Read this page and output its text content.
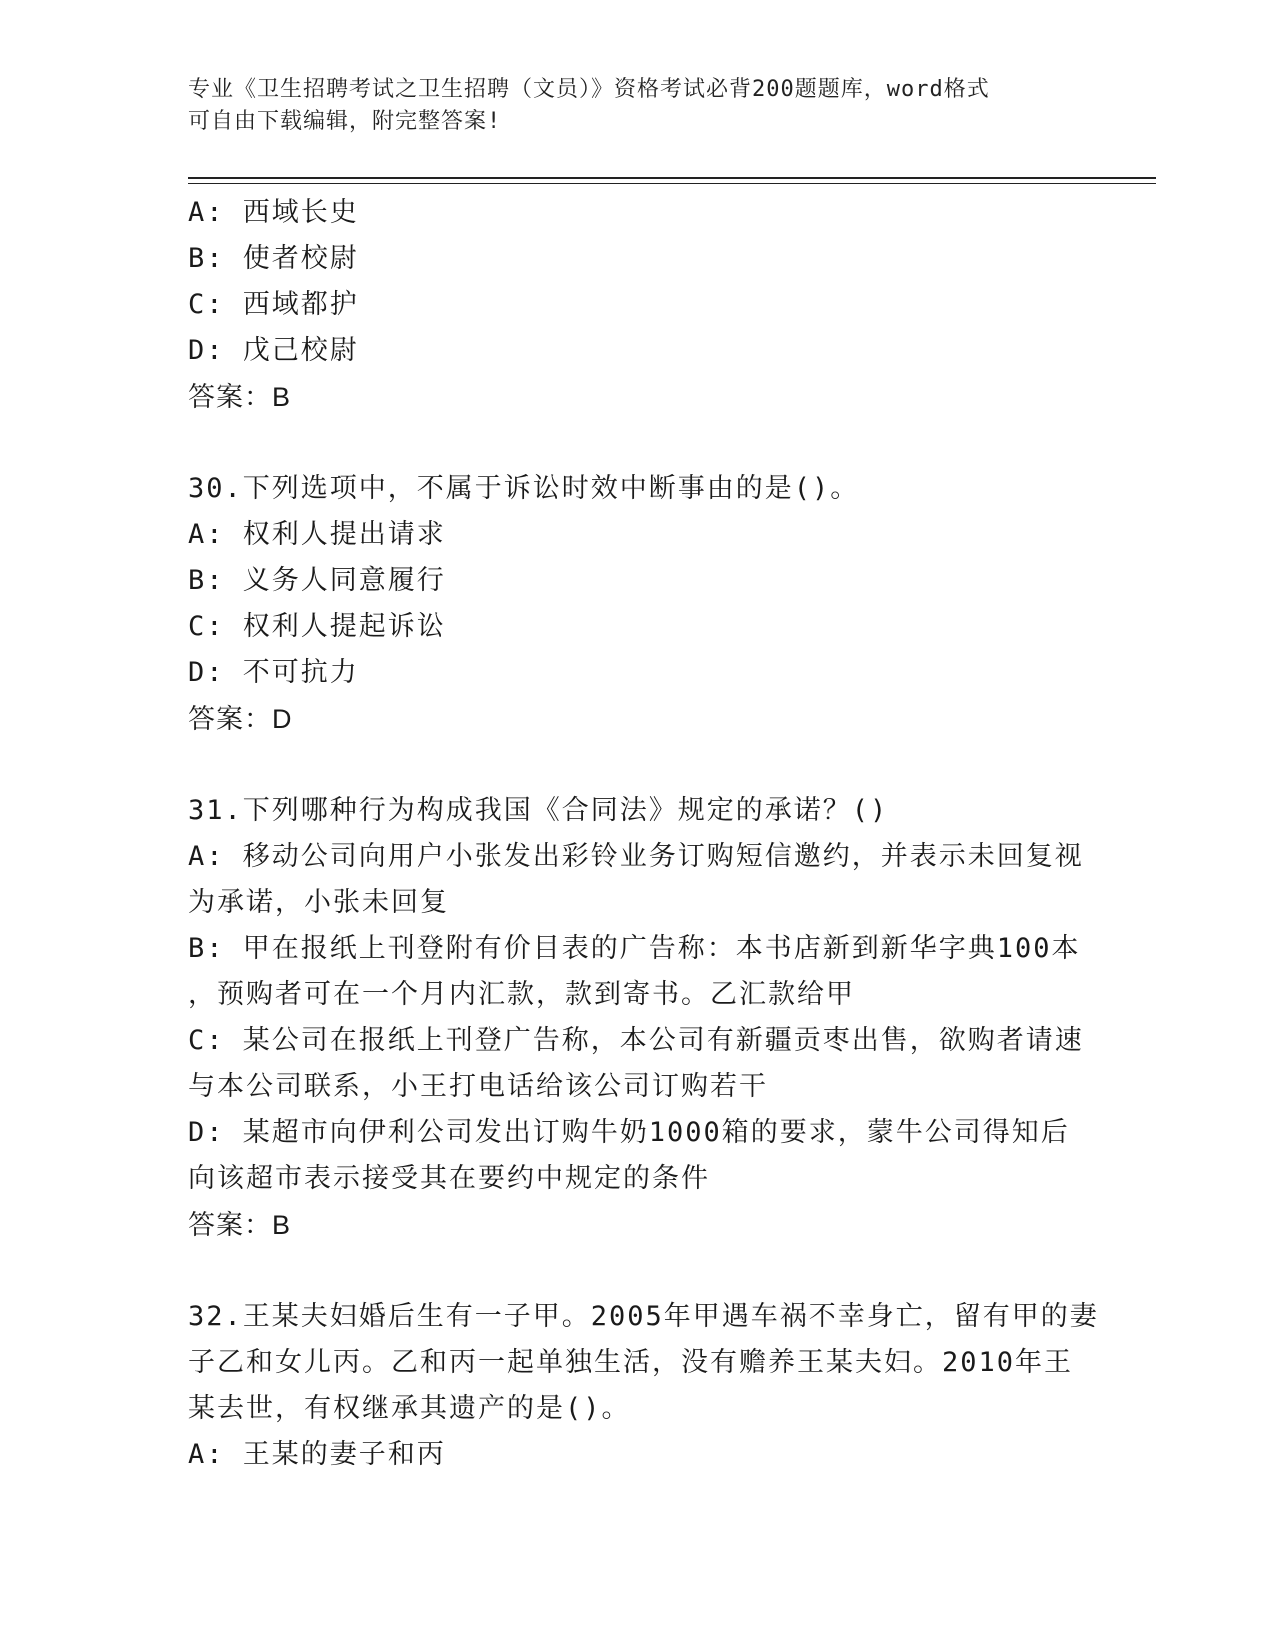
专业《卫生招聘考试之卫生招聘（文员）》资格考试必背200题题库，word格式
可自由下载编辑，附完整答案!
A: 西域长史
B: 使者校尉
C: 西域都护
D: 戊己校尉
答案：B
30.下列选项中，不属于诉讼时效中断事由的是()。
A: 权利人提出请求
B: 义务人同意履行
C: 权利人提起诉讼
D: 不可抗力
答案：D
31.下列哪种行为构成我国《合同法》规定的承诺？()
A: 移动公司向用户小张发出彩铃业务订购短信邀约，并表示未回复视
为承诺，小张未回复
B: 甲在报纸上刊登附有价目表的广告称：本书店新到新华字典100本
，预购者可在一个月内汇款，款到寄书。乙汇款给甲
C: 某公司在报纸上刊登广告称，本公司有新疆贡枣出售，欲购者请速
与本公司联系，小王打电话给该公司订购若干
D: 某超市向伊利公司发出订购牛奶1000箱的要求，蒙牛公司得知后
向该超市表示接受其在要约中规定的条件
答案：B
32.王某夫妇婚后生有一子甲。2005年甲遇车祸不幸身亡，留有甲的妻
子乙和女儿丙。乙和丙一起单独生活，没有赡养王某夫妇。2010年王
某去世，有权继承其遗产的是()。
A: 王某的妻子和丙
